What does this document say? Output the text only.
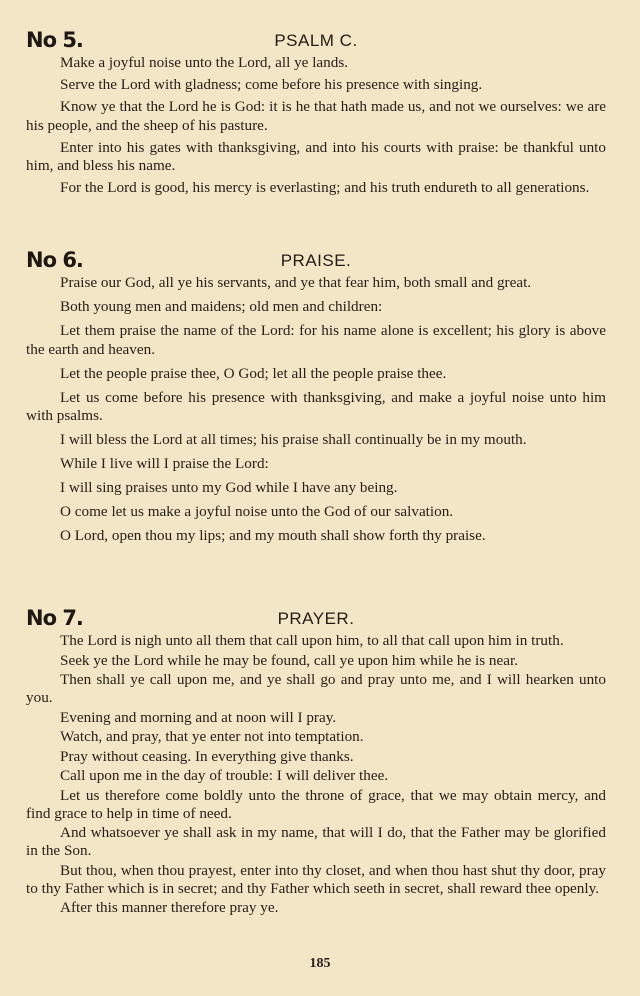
No 5.	PSALM C.

Make a joyful noise unto the Lord, all ye lands.

Serve the Lord with gladness; come before his presence with singing.

Know ye that the Lord he is God: it is he that hath made us, and not we ourselves: we are his people, and the sheep of his pasture.

Enter into his gates with thanksgiving, and into his courts with praise: be thankful unto him, and bless his name.

For the Lord is good, his mercy is everlasting; and his truth endureth to all generations.

No 6.	PRAISE.

Praise our God, all ye his servants, and ye that fear him, both small and great.

Both young men and maidens; old men and children:

Let them praise the name of the Lord: for his name alone is excellent; his glory is above the earth and heaven.

Let the people praise thee, O God; let all the people praise thee.

Let us come before his presence with thanksgiving, and make a joyful noise unto him with psalms.

I will bless the Lord at all times; his praise shall continually be in my mouth.

While I live will I praise the Lord:

I will sing praises unto my God while I have any being.

O come let us make a joyful noise unto the God of our salvation.

O Lord, open thou my lips; and my mouth shall show forth thy praise.

No 7.	PRAYER.

The Lord is nigh unto all them that call upon him, to all that call upon him in truth.

Seek ye the Lord while he may be found, call ye upon him while he is near.

Then shall ye call upon me, and ye shall go and pray unto me, and I will hearken unto you.

Evening and morning and at noon will I pray.

Watch, and pray, that ye enter not into temptation.

Pray without ceasing. In everything give thanks.

Call upon me in the day of trouble: I will deliver thee.

Let us therefore come boldly unto the throne of grace, that we may obtain mercy, and find grace to help in time of need.

And whatsoever ye shall ask in my name, that will I do, that the Father may be glorified in the Son.

But thou, when thou prayest, enter into thy closet, and when thou hast shut thy door, pray to thy Father which is in secret; and thy Father which seeth in secret, shall reward thee openly.

After this manner therefore pray ye.

185
